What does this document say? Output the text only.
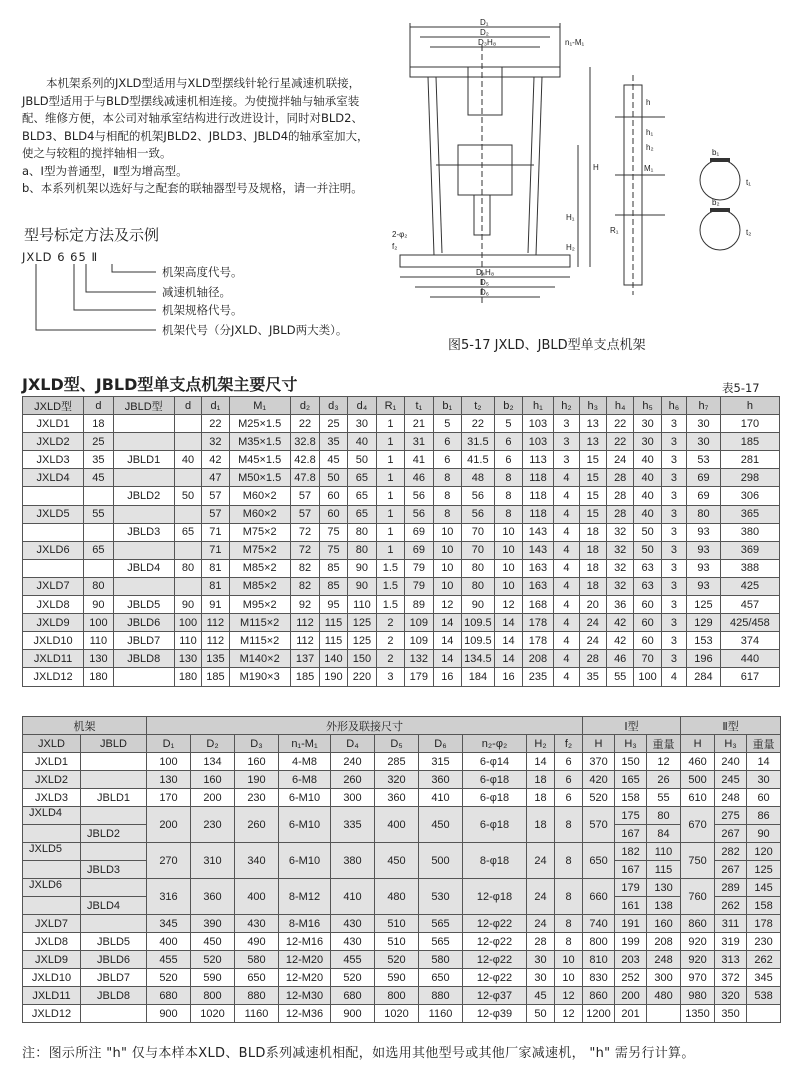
本机架系列的JXLD型适用与XLD型摆线针轮行星减速机联接，

JBLD型适用于与BLD型摆线减速机相连接。为使搅拌轴与轴承室装

配、维修方便，本公司对轴承室结构进行改进设计，同时对BLD2、

BLD3、BLD4与相配的机架JBLD2、JBLD3、JBLD4的轴承室加大，

使之与较粗的搅拌轴相一致。

a、Ⅰ型为普通型，Ⅱ型为增高型。

b、本系列机架以选好与之配套的联轴器型号及规格，请一并注明。

型号标定方法及示例
JXLD 6 65 Ⅱ
机架高度代号。
减速机轴径。
机架规格代号。
机架代号（分JXLD、JBLD两大类）。
D₁
D₂
D₃H₈	n₁-M₁
D₄H₈
D₅
D₆
H
H₁
H₂
h
h₁
h₂
M₁
R₁
f₂
t₁
t₂
b₁
b₂
2-φ₂
图5-17 JXLD、JBLD型单支点机架
JXLD型、JBLD型单支点机架主要尺寸	表5-17
JXLD型	d	JBLD型	d	d₁	M₁	d₂	d₃	d₄	R₁	t₁	b₁	t₂	b₂	h₁	h₂	h₃	h₄	h₅	h₆	h₇	h
JXLD1	18			22	M25×1.5	22	25	30	1	21	5	22	5	103	3	13	22	30	3	30	170
JXLD2	25			32	M35×1.5	32.8	35	40	1	31	6	31.5	6	103	3	13	22	30	3	30	185
JXLD3	35	JBLD1	40	42	M45×1.5	42.8	45	50	1	41	6	41.5	6	113	3	15	24	40	3	53	281
JXLD4	45			47	M50×1.5	47.8	50	65	1	46	8	48	8	118	4	15	28	40	3	69	298
		JBLD2	50	57	M60×2	57	60	65	1	56	8	56	8	118	4	15	28	40	3	69	306
JXLD5	55			57	M60×2	57	60	65	1	56	8	56	8	118	4	15	28	40	3	80	365
		JBLD3	65	71	M75×2	72	75	80	1	69	10	70	10	143	4	18	32	50	3	93	380
JXLD6	65			71	M75×2	72	75	80	1	69	10	70	10	143	4	18	32	50	3	93	369
		JBLD4	80	81	M85×2	82	85	90	1.5	79	10	80	10	163	4	18	32	63	3	93	388
JXLD7	80			81	M85×2	82	85	90	1.5	79	10	80	10	163	4	18	32	63	3	93	425
JXLD8	90	JBLD5	90	91	M95×2	92	95	110	1.5	89	12	90	12	168	4	20	36	60	3	125	457
JXLD9	100	JBLD6	100	112	M115×2	112	115	125	2	109	14	109.5	14	178	4	24	42	60	3	129	425/458
JXLD10	110	JBLD7	110	112	M115×2	112	115	125	2	109	14	109.5	14	178	4	24	42	60	3	153	374
JXLD11	130	JBLD8	130	135	M140×2	137	140	150	2	132	14	134.5	14	208	4	28	46	70	3	196	440
JXLD12	180		180	185	M190×3	185	190	220	3	179	16	184	16	235	4	35	55	100	4	284	617
机架		外形及联接尺寸										Ⅰ型			Ⅱ型		
JXLD	JBLD	D₁	D₂	D₃	n₁-M₁	D₄	D₅	D₆	n₂-φ₂	H₂	f₂	H	H₃	重量	H	H₃	重量
JXLD1		100	134	160	4-M8	240	285	315	6-φ14	14	6	370	150	12	460	240	14
JXLD2		130	160	190	6-M8	260	320	360	6-φ18	18	6	420	165	26	500	245	30
JXLD3	JBLD1	170	200	230	6-M10	300	360	410	6-φ18	18	6	520	158	55	610	248	60
JXLD4		200	230	260	6-M10	335	400	450	6-φ18	18	8	570	175	80	670	275	86
	JBLD2												167	84		267	90
JXLD5		270	310	340	6-M10	380	450	500	8-φ18	24	8	650	182	110	750	282	120
	JBLD3												167	115		267	125
JXLD6		316	360	400	8-M12	410	480	530	12-φ18	24	8	660	179	130	760	289	145
	JBLD4												161	138		262	158
JXLD7		345	390	430	8-M16	430	510	565	12-φ22	24	8	740	191	160	860	311	178
JXLD8	JBLD5	400	450	490	12-M16	430	510	565	12-φ22	28	8	800	199	208	920	319	230
JXLD9	JBLD6	455	520	580	12-M20	455	520	580	12-φ22	30	10	810	203	248	920	313	262
JXLD10	JBLD7	520	590	650	12-M20	520	590	650	12-φ22	30	10	830	252	300	970	372	345
JXLD11	JBLD8	680	800	880	12-M30	680	800	880	12-φ37	45	12	860	200	480	980	320	538
JXLD12		900	1020	1160	12-M36	900	1020	1160	12-φ39	50	12	1200	201		1350	350	
注：图示所注 "h" 仅与本样本XLD、BLD系列减速机相配，如选用其他型号或其他厂家减速机， "h" 需另行计算。
